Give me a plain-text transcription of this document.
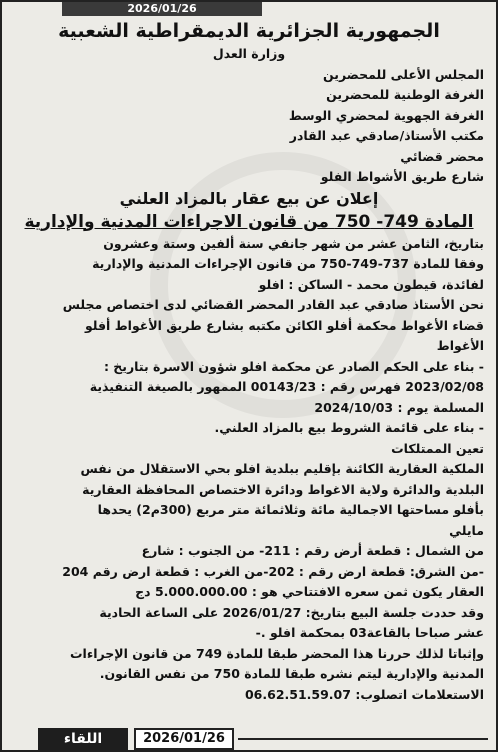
2026/01/26
الجمهورية الجزائرية الديمقراطية الشعبية
وزارة العدل
المجلس الأعلى للمحضرين
الغرفة الوطنية للمحضرين
الغرفة الجهوية لمحضري الوسط
مكتب الأستاذ/صادقي عبد القادر
محضر قضائي
شارع طريق الأشواط الفلو
إعلان عن بيع عقار بالمزاد العلني
المادة 749- 750 من قانون الاجراءات المدنية والإدارية
بتاريخ، الثامن عشر من شهر جانفي سنة ألفين وستة وعشرون
وفقا للمادة 737-749-750 من قانون الإجراءات المدنية والإدارية
لفائدة، قيطون محمد - الساكن : افلو
نحن الأستاذ صادقي عبد القادر المحضر القضائي لدى اختصاص مجلس
قضاء الأغواط محكمة أفلو الكائن مكتبه بشارع طريق الأغواط أفلو
الأغواط
- بناء على الحكم الصادر عن محكمة افلو شؤون الاسرة بتاريخ :
2023/02/08 فهرس رقم : 00143/23 الممهور بالصيغة التنفيذية
المسلمة يوم : 2024/10/03
- بناء على قائمة الشروط بيع بالمزاد العلني.
تعين الممتلكات
الملكية العقارية الكائنة بإقليم ببلدية افلو بحي الاستقلال من نفس
البلدية والدائرة ولاية الاغواط ودائرة الاختصاص المحافظة العقارية
بأفلو مساحتها الاجمالية مائة وثلاثمائة متر مربع (300م2) يحدها
مايلي
من الشمال : قطعة أرض رقم : 211- من الجنوب : شارع
-من الشرق: قطعة ارض رقم : 202-من الغرب : قطعة ارض رقم 204
العقار يكون ثمن سعره الافتتاحي هو : 5.000.000.00 دج
وقد حددت جلسة البيع بتاريخ: 2026/01/27 على الساعة الحادية
عشر صباحا بالقاعة03 بمحكمة افلو .-
وإثباتا لذلك حررنا هذا المحضر طبقا للمادة 749 من قانون الإجراءات
المدنية والإدارية ليتم نشره طبقا للمادة 750 من نفس القانون.
الاستعلامات اتصلوب: 06.62.51.59.07
اللقاء	2026/01/26
